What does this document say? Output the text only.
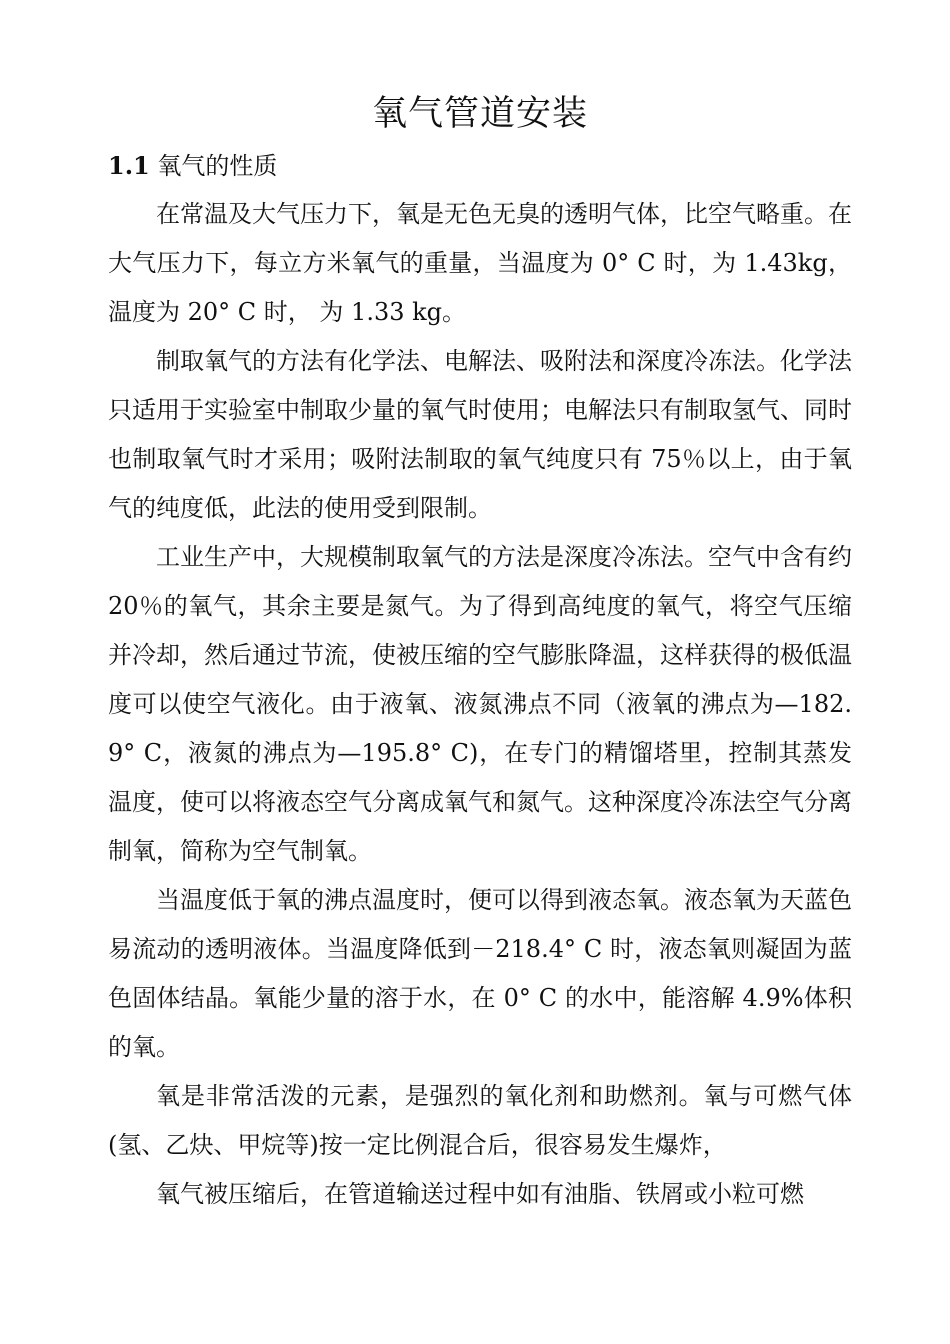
氧气管道安装
1.1 氧气的性质

在常温及大气压力下，氧是无色无臭的透明气体，比空气略重。在大气压力下，每立方米氧气的重量，当温度为 0° C 时，为 1.43kg，温度为 20° C 时， 为 1.33 kg。

制取氧气的方法有化学法、电解法、吸附法和深度冷冻法。化学法只适用于实验室中制取少量的氧气时使用；电解法只有制取氢气、同时也制取氧气时才采用；吸附法制取的氧气纯度只有 75％以上，由于氧气的纯度低，此法的使用受到限制。

工业生产中，大规模制取氧气的方法是深度冷冻法。空气中含有约 20％的氧气，其余主要是氮气。为了得到高纯度的氧气，将空气压缩并冷却，然后通过节流，使被压缩的空气膨胀降温，这样获得的极低温度可以使空气液化。由于液氧、液氮沸点不同（液氧的沸点为—182.9° C，液氮的沸点为—195.8° C)，在专门的精馏塔里，控制其蒸发温度，使可以将液态空气分离成氧气和氮气。这种深度冷冻法空气分离制氧，简称为空气制氧。

当温度低于氧的沸点温度时，便可以得到液态氧。液态氧为天蓝色易流动的透明液体。当温度降低到－218.4° C 时，液态氧则凝固为蓝色固体结晶。氧能少量的溶于水，在 0° C 的水中，能溶解 4.9%体积的氧。

氧是非常活泼的元素，是强烈的氧化剂和助燃剂。氧与可燃气体(氢、乙炔、甲烷等)按一定比例混合后，很容易发生爆炸，

氧气被压缩后，在管道输送过程中如有油脂、铁屑或小粒可燃
